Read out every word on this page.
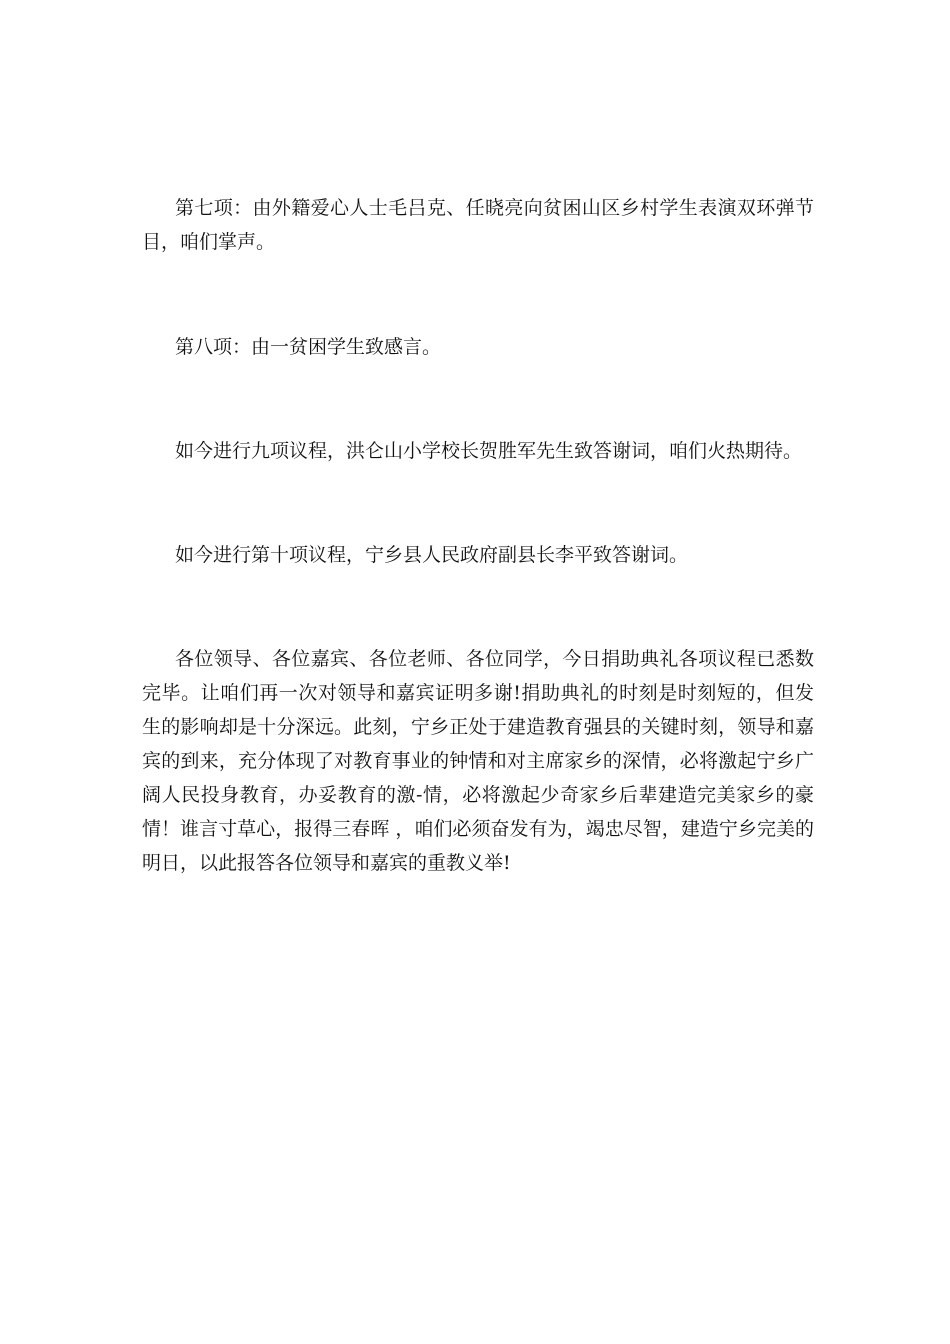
第七项：由外籍爱心人士毛吕克、任晓亮向贫困山区乡村学生表演双环弹节目，咱们掌声。

第八项：由一贫困学生致感言。

如今进行九项议程，洪仑山小学校长贺胜军先生致答谢词，咱们火热期待。

如今进行第十项议程，宁乡县人民政府副县长李平致答谢词。

各位领导、各位嘉宾、各位老师、各位同学，今日捐助典礼各项议程已悉数完毕。让咱们再一次对领导和嘉宾证明多谢!捐助典礼的时刻是时刻短的，但发生的影响却是十分深远。此刻，宁乡正处于建造教育强县的关键时刻，领导和嘉宾的到来，充分体现了对教育事业的钟情和对主席家乡的深情，必将激起宁乡广阔人民投身教育，办妥教育的激-情，必将激起少奇家乡后辈建造完美家乡的豪情！谁言寸草心，报得三春晖 ，咱们必须奋发有为，竭忠尽智，建造宁乡完美的明日，以此报答各位领导和嘉宾的重教义举!
